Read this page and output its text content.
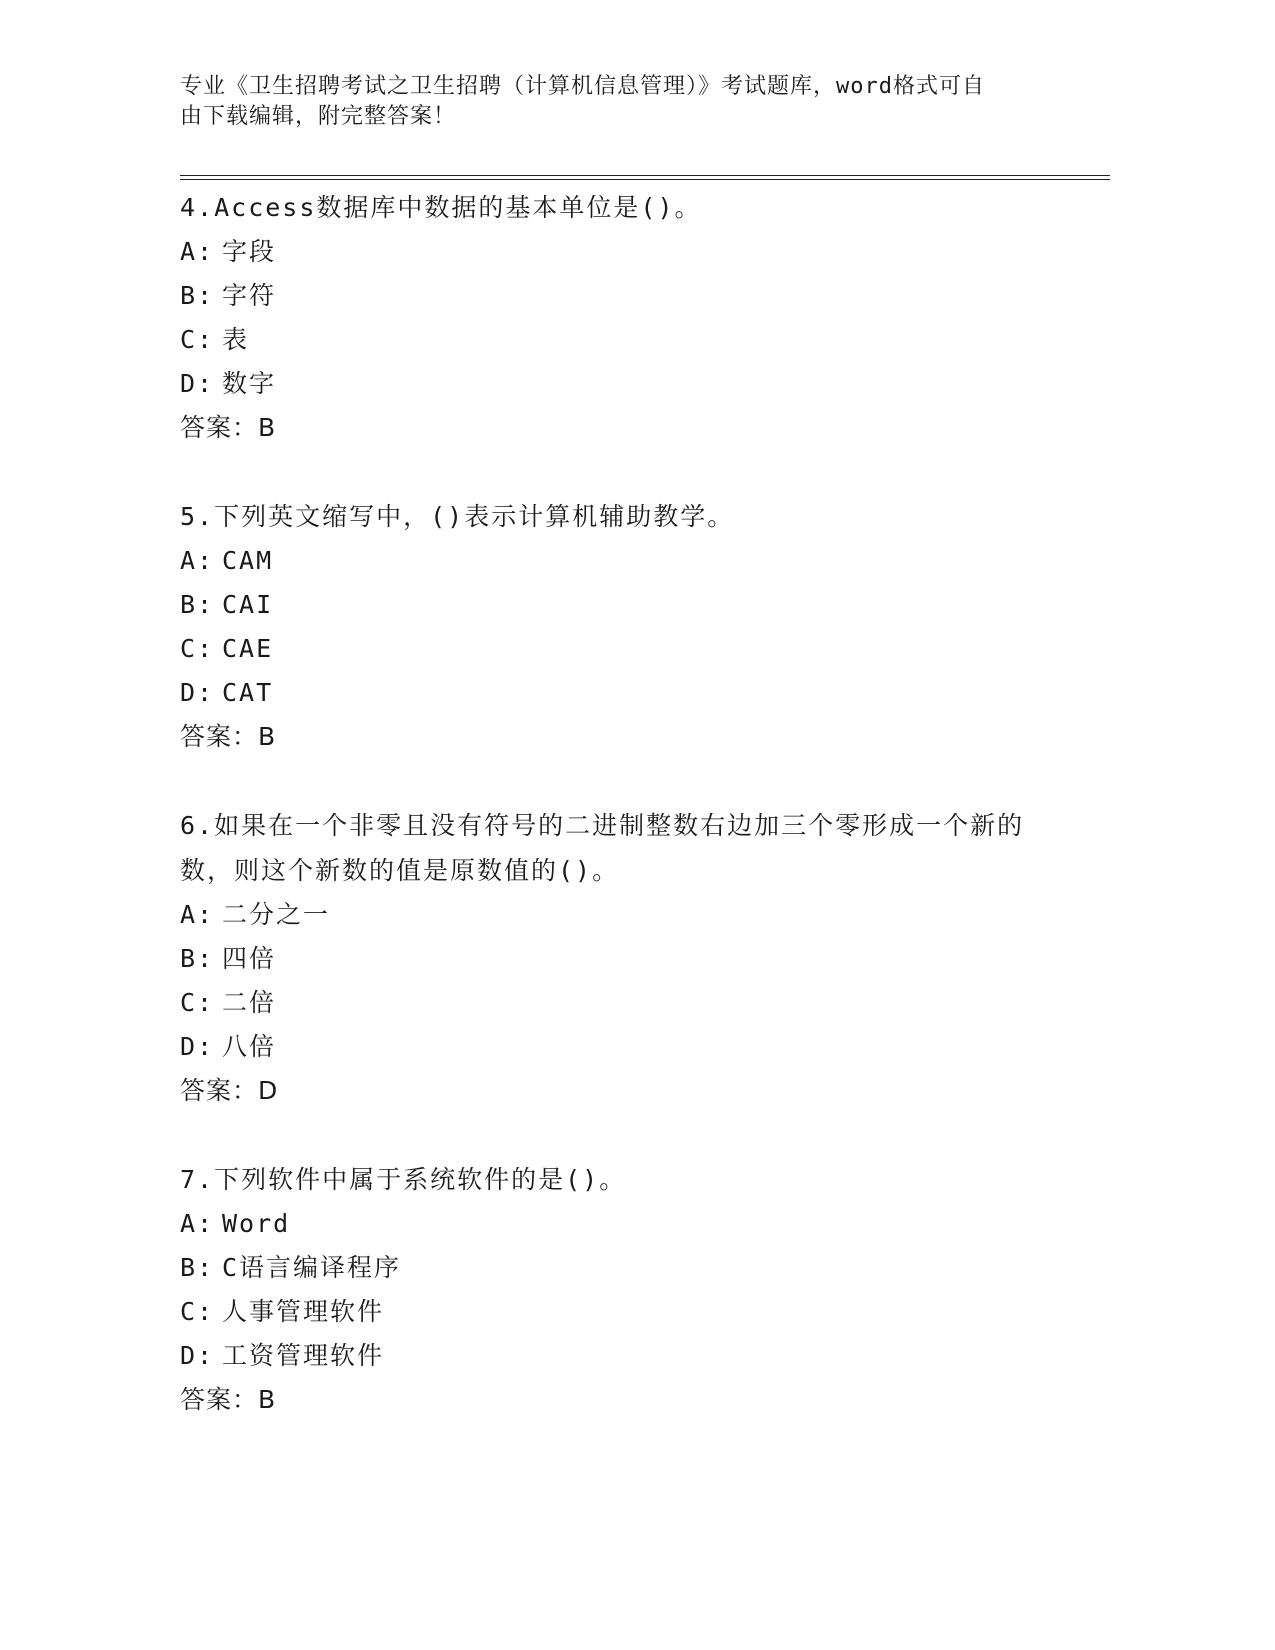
专业《卫生招聘考试之卫生招聘（计算机信息管理）》考试题库，word格式可自
由下载编辑，附完整答案！
4.Access数据库中数据的基本单位是()。
A: 字段
B: 字符
C: 表
D: 数字
答案：B
5.下列英文缩写中，()表示计算机辅助教学。
A: CAM
B: CAI
C: CAE
D: CAT
答案：B
6.如果在一个非零且没有符号的二进制整数右边加三个零形成一个新的数，则这个新数的值是原数值的()。
A: 二分之一
B: 四倍
C: 二倍
D: 八倍
答案：D
7.下列软件中属于系统软件的是()。
A: Word
B: C语言编译程序
C: 人事管理软件
D: 工资管理软件
答案：B
